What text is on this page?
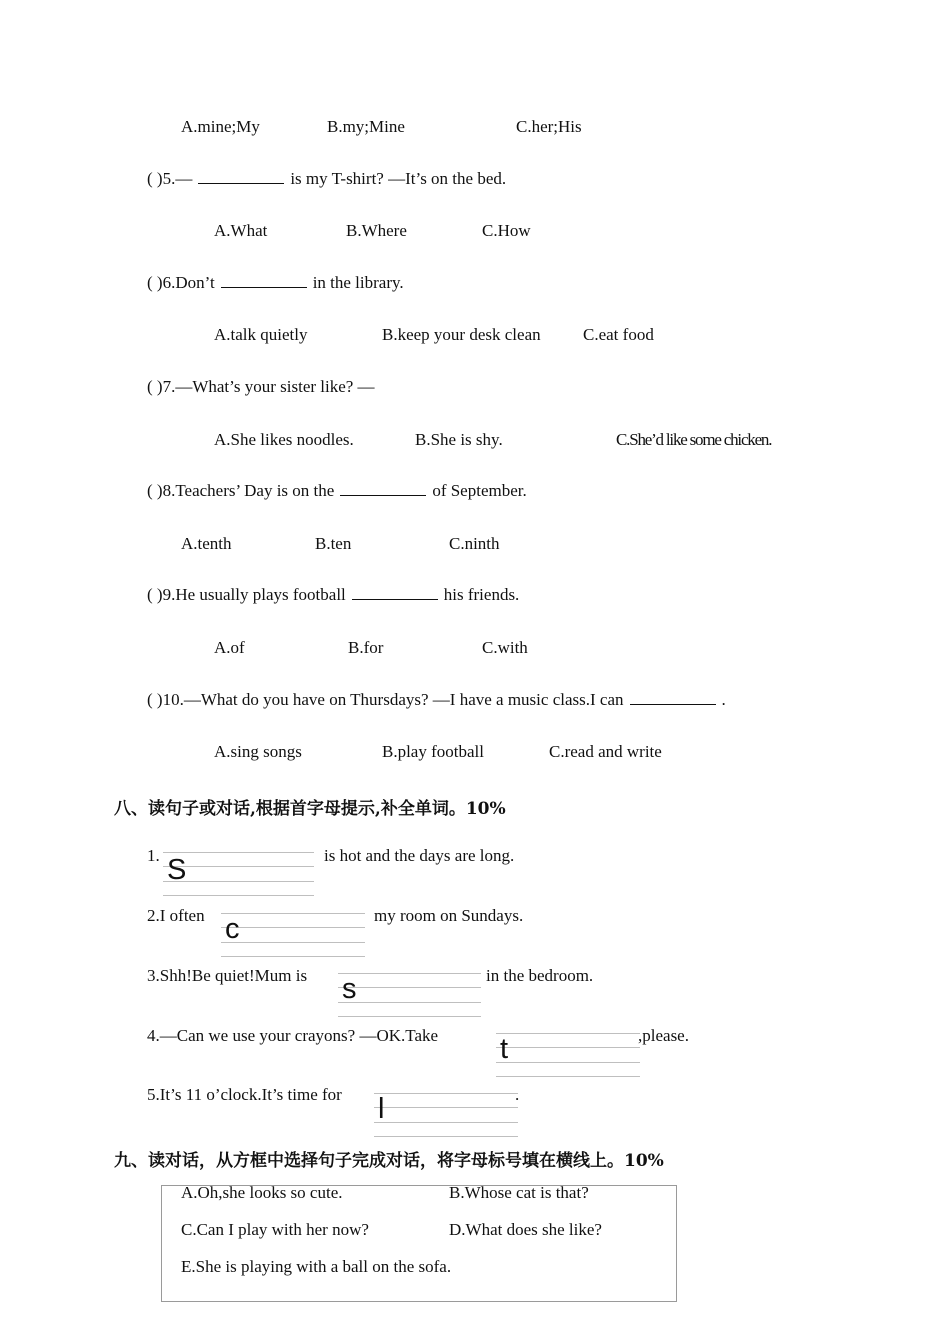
A.mine;My	B.my;Mine	C.her;His
( )5.—	is my T-shirt? —It’s on the bed.
A.What	B.Where	C.How
( )6.Don’t	in the library.
A.talk quietly	B.keep your desk clean C.eat food
( )7.—What’s your sister like? —
A.She likes noodles.	B.She is shy.	C.She’d like some chicken.
( )8.Teachers’ Day is on the	of September.
A.tenth	B.ten	C.ninth
( )9.He usually plays football	his friends.
A.of	B.for	C.with
( )10.—What do you have on Thursdays? —I have a music class.I can	.
A.sing songs	B.play football	C.read and write
八、读句子或对话,根据首字母提示,补全单词。10%
1. S	is hot and the days are long.
2.I often c	my room on Sundays.
3.Shh!Be quiet!Mum is s	in the bedroom.
4.—Can we use your crayons? —OK.Take t	,please.
5.It’s 11 o’clock.It’s time for l	.
九、读对话，从方框中选择句子完成对话，将字母标号填在横线上。10%
A.Oh,she looks so cute.	B.Whose cat is that?
C.Can I play with her now?	D.What does she like?
E.She is playing with a ball on the sofa.
